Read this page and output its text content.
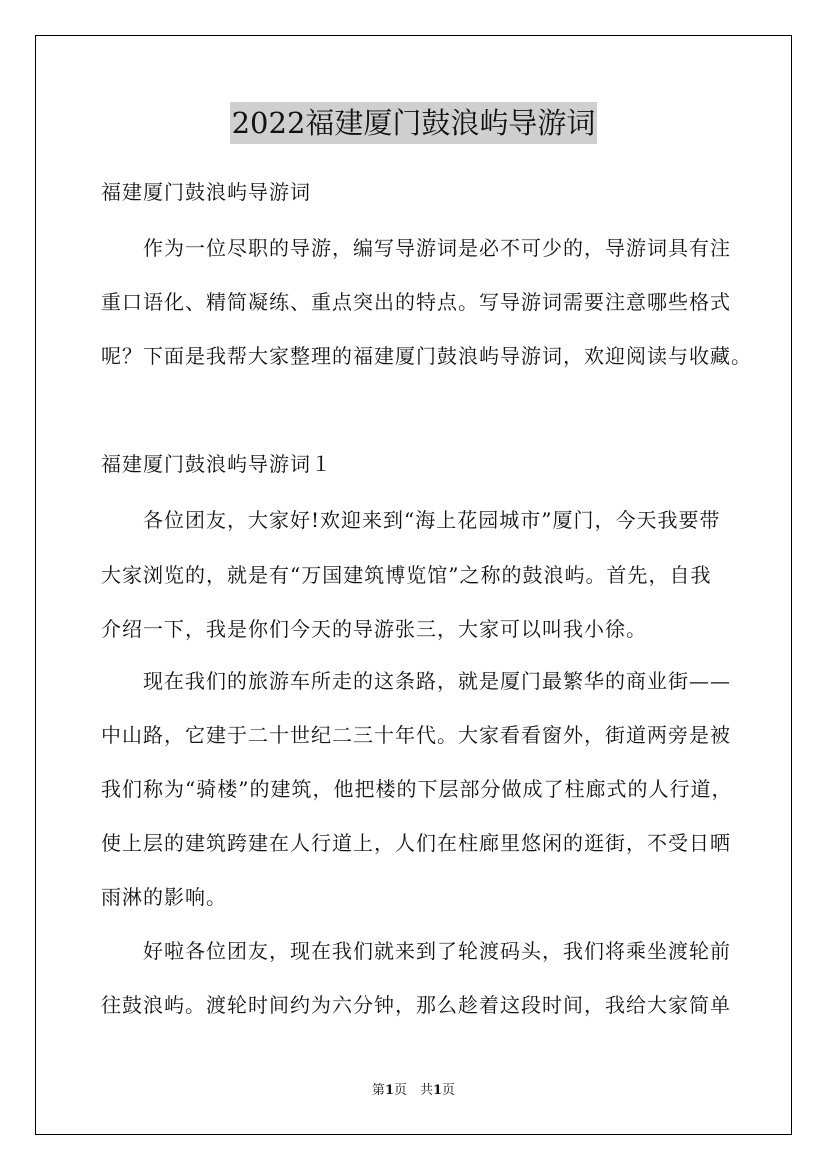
2022福建厦门鼓浪屿导游词
福建厦门鼓浪屿导游词
作为一位尽职的导游，编写导游词是必不可少的，导游词具有注
重口语化、精简凝练、重点突出的特点。写导游词需要注意哪些格式
呢？下面是我帮大家整理的福建厦门鼓浪屿导游词，欢迎阅读与收藏。
福建厦门鼓浪屿导游词１
各位团友，大家好!欢迎来到“海上花园城市”厦门，今天我要带
大家浏览的，就是有“万国建筑博览馆”之称的鼓浪屿。首先，自我
介绍一下，我是你们今天的导游张三，大家可以叫我小徐。
现在我们的旅游车所走的这条路，就是厦门最繁华的商业街——
中山路，它建于二十世纪二三十年代。大家看看窗外，街道两旁是被
我们称为“骑楼”的建筑，他把楼的下层部分做成了柱廊式的人行道，
使上层的建筑跨建在人行道上，人们在柱廊里悠闲的逛街，不受日晒
雨淋的影响。
好啦各位团友，现在我们就来到了轮渡码头，我们将乘坐渡轮前
往鼓浪屿。渡轮时间约为六分钟，那么趁着这段时间，我给大家简单
第1页　共1页
